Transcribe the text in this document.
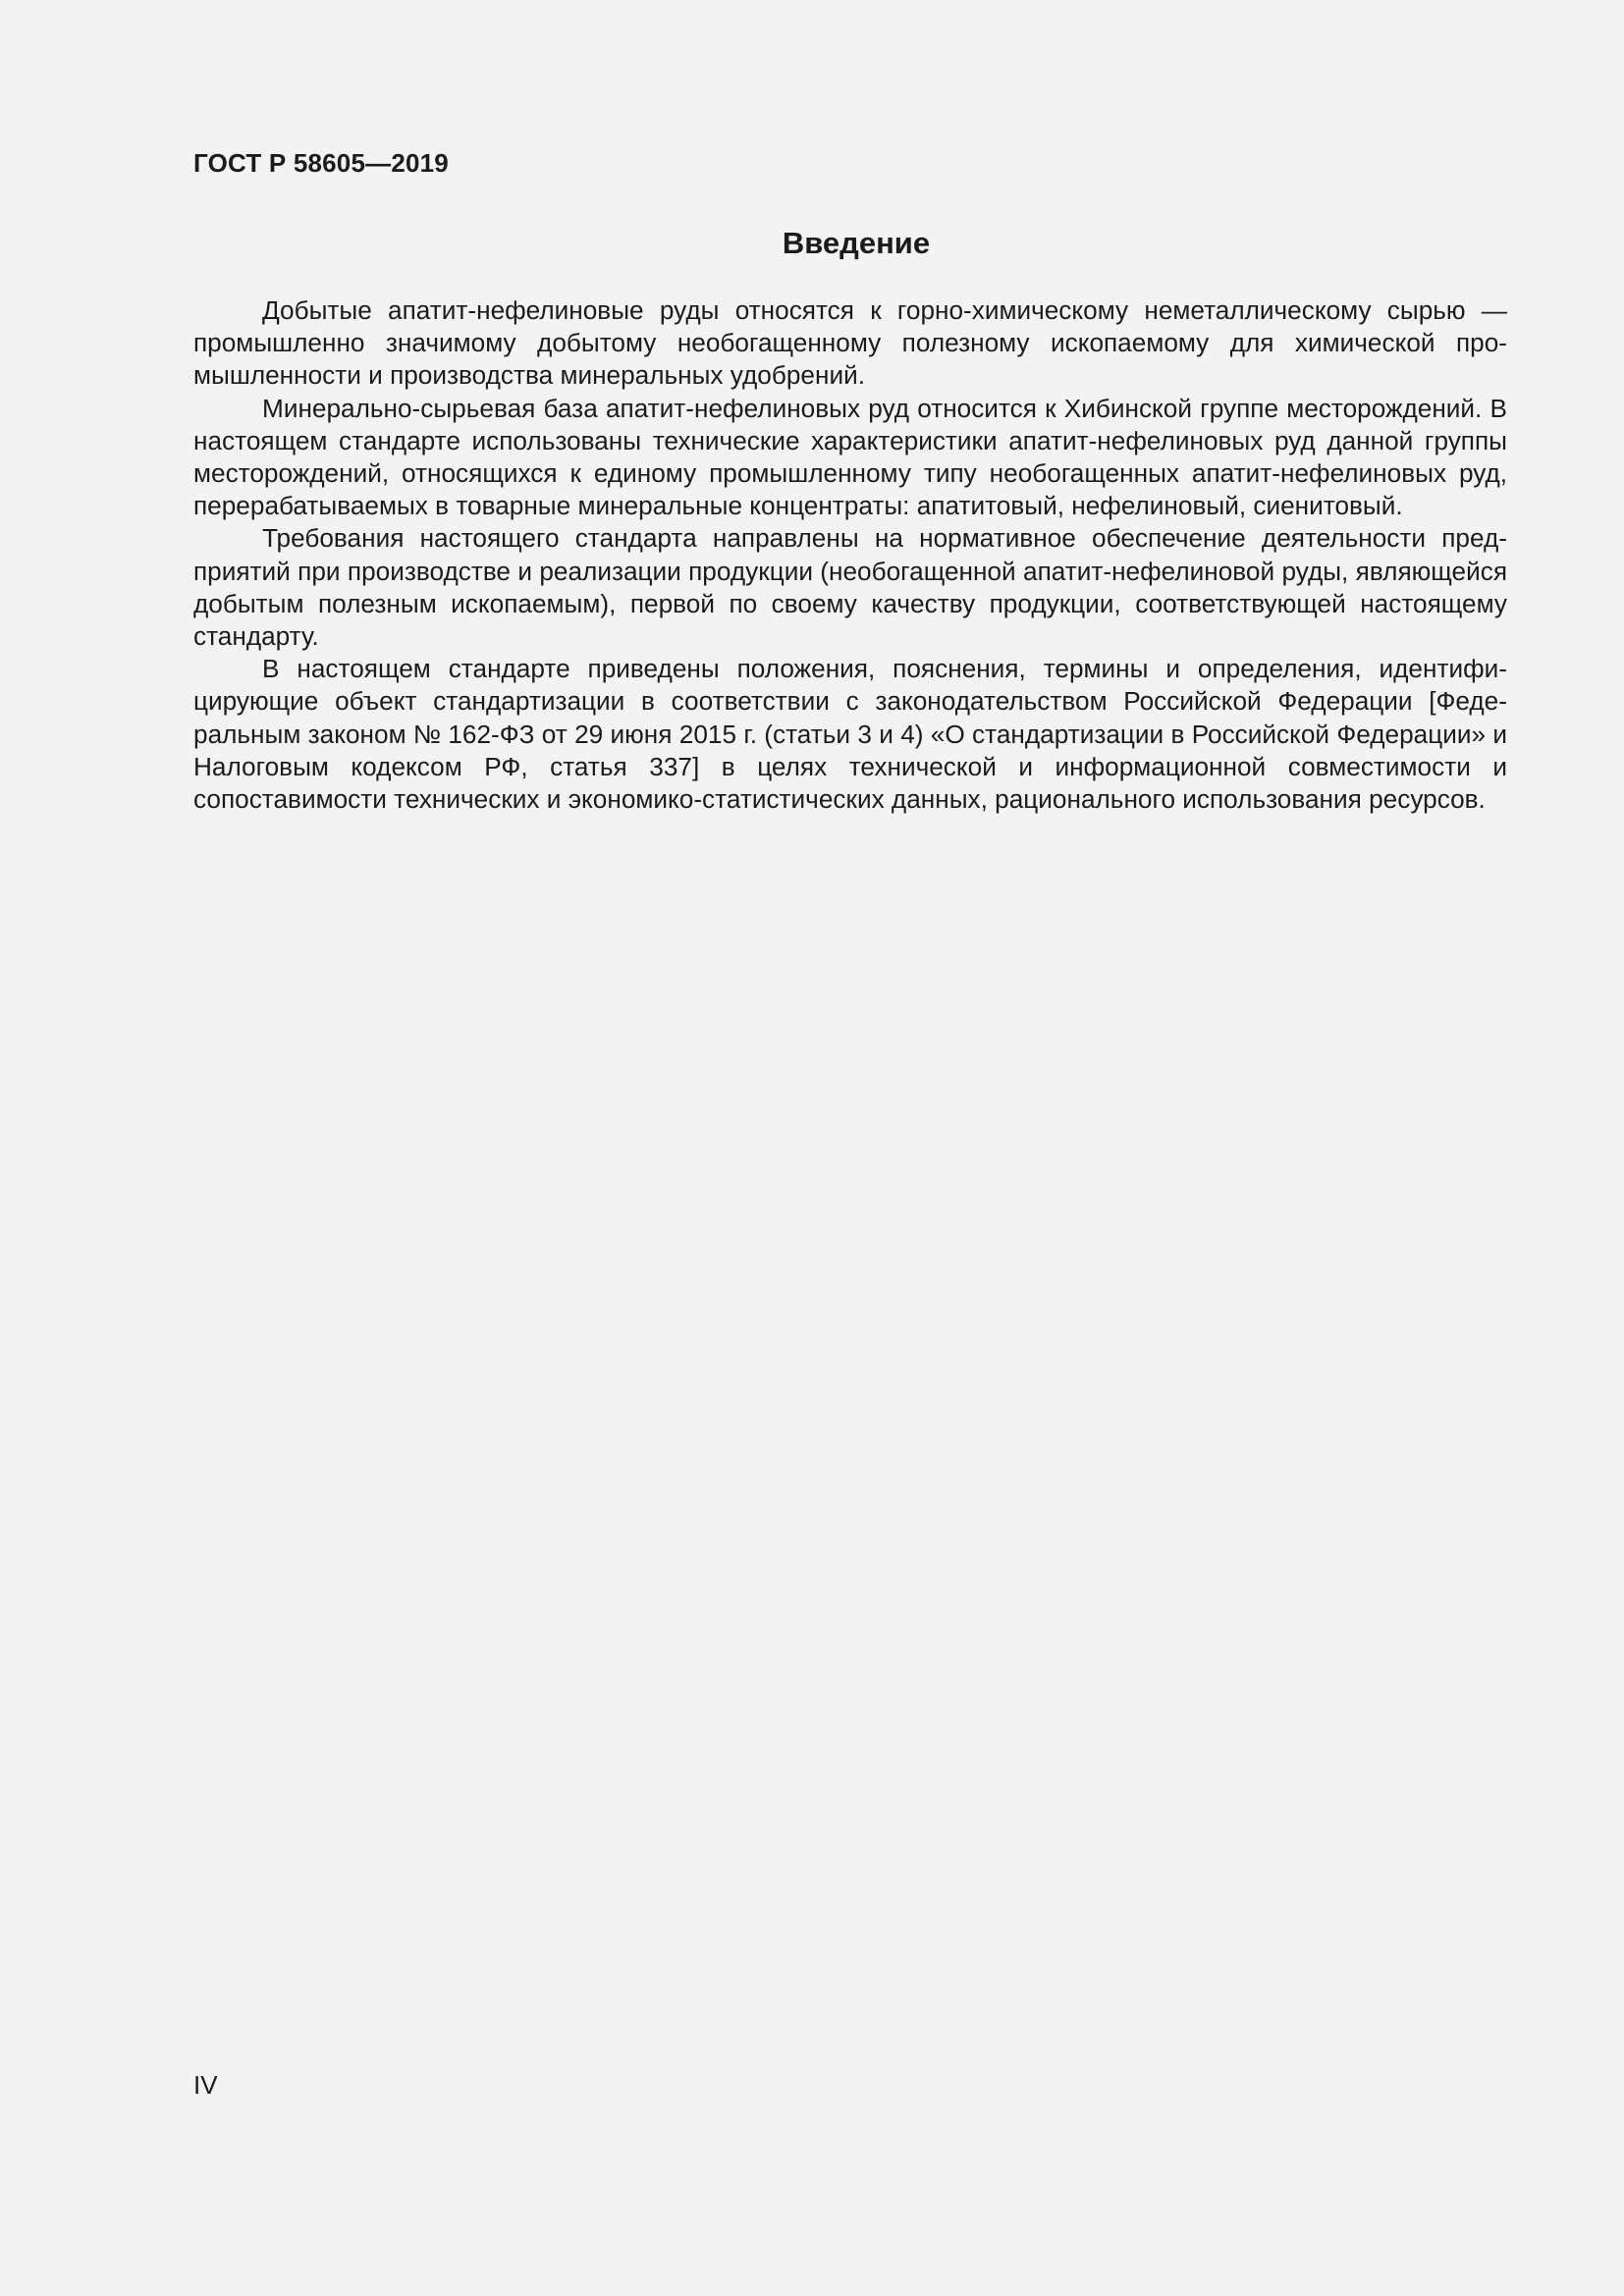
ГОСТ Р 58605—2019
Введение

Добытые апатит-нефелиновые руды относятся к горно-химическому неметаллическому сырью — промышленно значимому добытому необогащенному полезному ископаемому для химической промышленности и производства минеральных удобрений.

Минерально-сырьевая база апатит-нефелиновых руд относится к Хибинской группе месторождений. В настоящем стандарте использованы технические характеристики апатит-нефелиновых руд данной группы месторождений, относящихся к единому промышленному типу необогащенных апатит-нефелиновых руд, перерабатываемых в товарные минеральные концентраты: апатитовый, нефелиновый, сиенитовый.

Требования настоящего стандарта направлены на нормативное обеспечение деятельности предприятий при производстве и реализации продукции (необогащенной апатит-нефелиновой руды, являющейся добытым полезным ископаемым), первой по своему качеству продукции, соответствующей настоящему стандарту.

В настоящем стандарте приведены положения, пояснения, термины и определения, идентифицирующие объект стандартизации в соответствии с законодательством Российской Федерации [Федеральным законом № 162-ФЗ от 29 июня 2015 г. (статьи 3 и 4) «О стандартизации в Российской Федерации» и Налоговым кодексом РФ, статья 337] в целях технической и информационной совместимости и сопоставимости технических и экономико-статистических данных, рационального использования ресурсов.

IV
